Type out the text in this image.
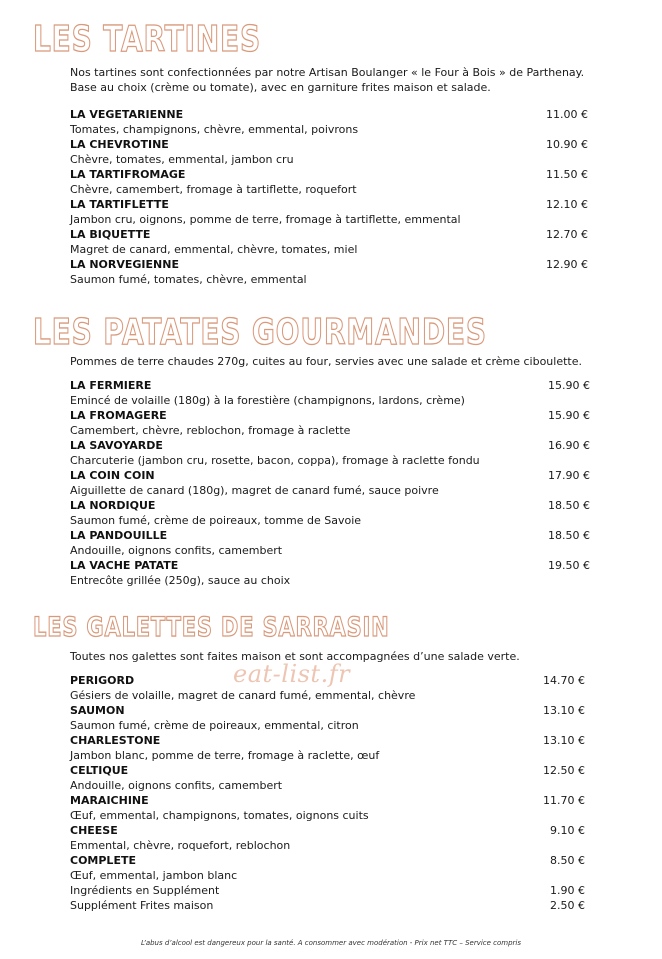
LES TARTINES

Nos tartines sont confectionnées par notre Artisan Boulanger « le Four à Bois » de Parthenay.

Base au choix (crème ou tomate), avec en garniture frites maison et salade.

LA VEGETARIENNE	11.00 €
Tomates, champignons, chèvre, emmental, poivrons
LA CHEVROTINE	10.90 €
Chèvre, tomates, emmental, jambon cru
LA TARTIFROMAGE	11.50 €
Chèvre, camembert, fromage à tartiflette, roquefort
LA TARTIFLETTE	12.10 €
Jambon cru, oignons, pomme de terre, fromage à tartiflette, emmental
LA BIQUETTE	12.70 €
Magret de canard, emmental, chèvre, tomates, miel
LA NORVEGIENNE	12.90 €
Saumon fumé, tomates, chèvre, emmental
LES PATATES GOURMANDES

Pommes de terre chaudes 270g, cuites au four, servies avec une salade et crème ciboulette.

LA FERMIERE	15.90 €
Emincé de volaille (180g) à la forestière (champignons, lardons, crème)
LA FROMAGERE	15.90 €
Camembert, chèvre, reblochon, fromage à raclette
LA SAVOYARDE	16.90 €
Charcuterie (jambon cru, rosette, bacon, coppa), fromage à raclette fondu
LA COIN COIN	17.90 €
Aiguillette de canard (180g), magret de canard fumé, sauce poivre
LA NORDIQUE	18.50 €
Saumon fumé, crème de poireaux, tomme de Savoie
LA PANDOUILLE	18.50 €
Andouille, oignons confits, camembert
LA VACHE PATATE	19.50 €
Entrecôte grillée (250g), sauce au choix
LES GALETTES DE SARRASIN

Toutes nos galettes sont faites maison et sont accompagnées d’une salade verte.

eat-list.fr
PERIGORD	14.70 €
Gésiers de volaille, magret de canard fumé, emmental, chèvre
SAUMON	13.10 €
Saumon fumé, crème de poireaux, emmental, citron
CHARLESTONE	13.10 €
Jambon blanc, pomme de terre, fromage à raclette, œuf
CELTIQUE	12.50 €
Andouille, oignons confits, camembert
MARAICHINE	11.70 €
Œuf, emmental, champignons, tomates, oignons cuits
CHEESE	9.10 €
Emmental, chèvre, roquefort, reblochon
COMPLETE	8.50 €
Œuf, emmental, jambon blanc
Ingrédients en Supplément	1.90 €
Supplément Frites maison	2.50 €
L’abus d’alcool est dangereux pour la santé. A consommer avec modération - Prix net TTC – Service compris
